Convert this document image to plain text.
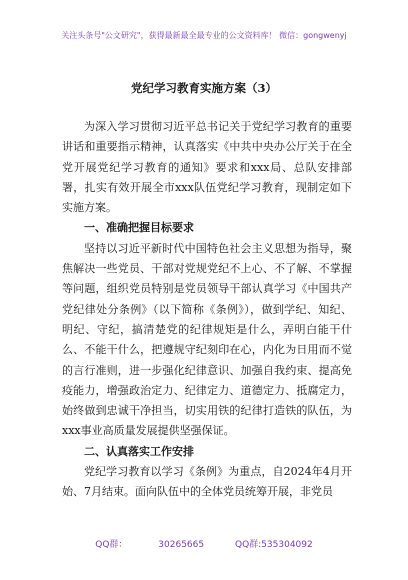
关注头条号"公文研究"，获得最新最全最专业的公文资料库！ 微信：gongwenyj
党纪学习教育实施方案（3）

为深入学习贯彻习近平总书记关于党纪学习教育的重要讲话和重要指示精神，认真落实《中共中央办公厅关于在全党开展党纪学习教育的通知》要求和xxx局、总队安排部署，扎实有效开展全市xxx队伍党纪学习教育，现制定如下实施方案。

一、准确把握目标要求

坚持以习近平新时代中国特色社会主义思想为指导，聚焦解决一些党员、干部对党规党纪不上心、不了解、不掌握等问题，组织党员特别是党员领导干部认真学习《中国共产党纪律处分条例》（以下简称《条例》），做到学纪、知纪、明纪、守纪，搞清楚党的纪律规矩是什么，弄明白能干什么、不能干什么，把遵规守纪刻印在心，内化为日用而不觉的言行准则，进一步强化纪律意识、加强自我约束、提高免疫能力，增强政治定力、纪律定力、道德定力、抵腐定力，始终做到忠诚干净担当，切实用铁的纪律打造铁的队伍，为xxx事业高质量发展提供坚强保证。

二、认真落实工作安排

党纪学习教育以学习《条例》为重点，自2024年4月开始、7月结束。面向队伍中的全体党员统筹开展，非党员

QQ群： 30265665	QQ群:535304092
